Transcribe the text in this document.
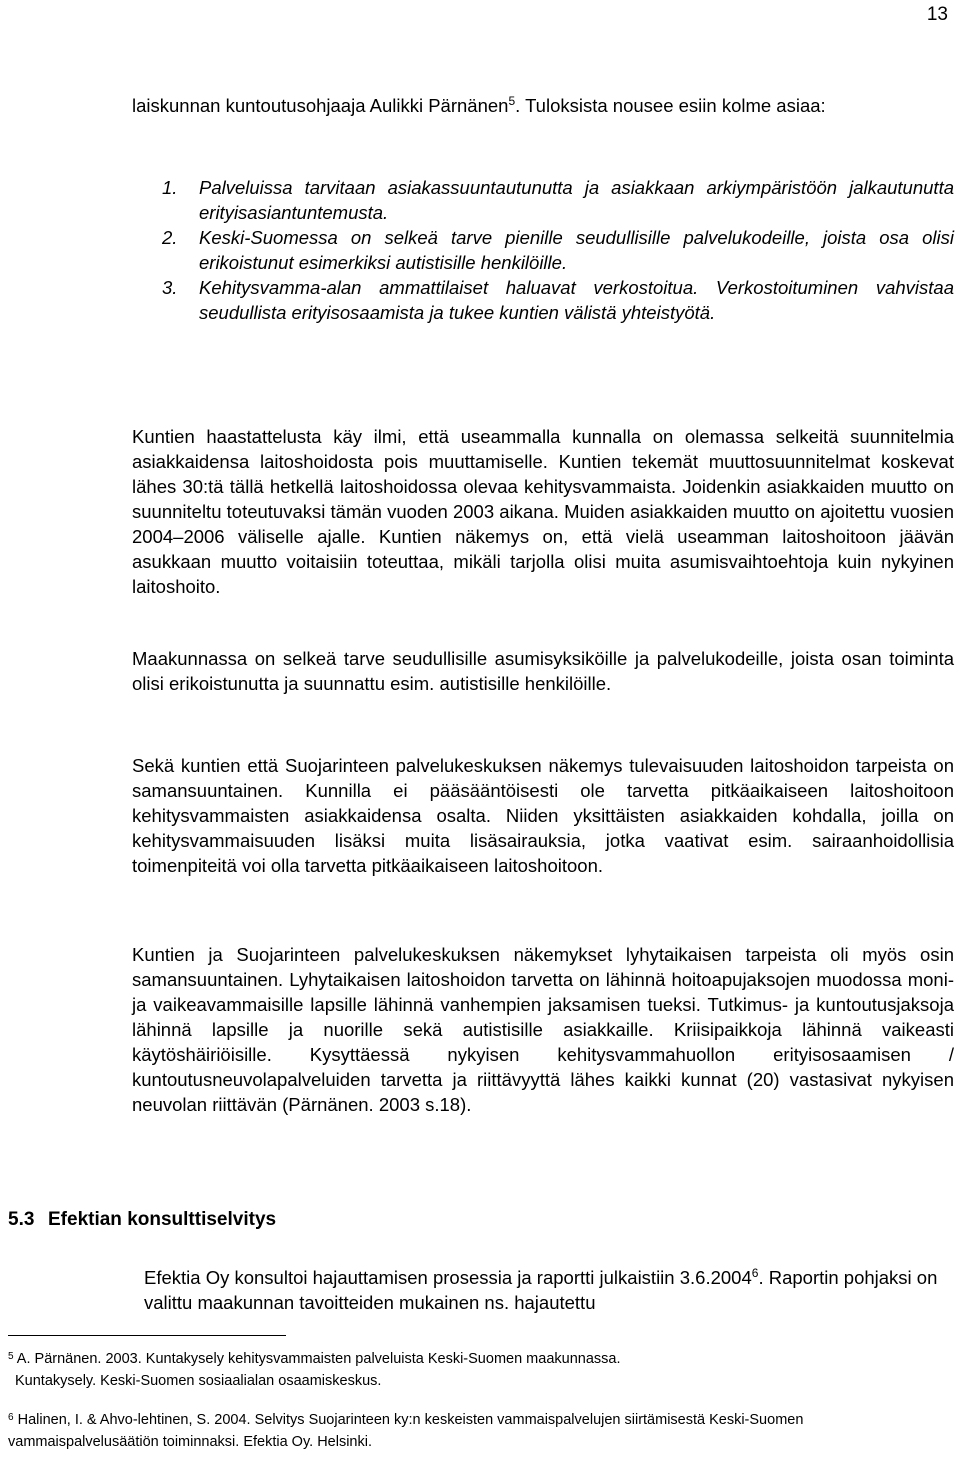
13

laiskunnan kuntoutusohjaaja Aulikki Pärnänen$^5$. Tuloksista nousee esiin kolme asiaa:

1. Palveluissa tarvitaan asiakassuuntautunutta ja asiakkaan arkiympäristöön jalkautunutta erityisasiantuntemusta.
2. Keski-Suomessa on selkeä tarve pienille seudullisille palvelukodeille, joista osa olisi erikoistunut esimerkiksi autistisille henkilöille.
3. Kehitysvamma-alan ammattilaiset haluavat verkostoitua. Verkostoituminen vahvistaa seudullista erityisosaamista ja tukee kuntien välistä yhteistyötä.

Kuntien haastattelusta käy ilmi, että useammalla kunnalla on olemassa selkeitä suunnitelmia asiakkaidensa laitoshoidosta pois muuttamiselle. Kuntien tekemät muuttosuunnitelmat koskevat lähes 30:tä tällä hetkellä laitoshoidossa olevaa kehitysvammaista. Joidenkin asiakkaiden muutto on suunniteltu toteutuvaksi tämän vuoden 2003 aikana. Muiden asiakkaiden muutto on ajoitettu vuosien 2004–2006 väliselle ajalle. Kuntien näkemys on, että vielä useamman laitoshoitoon jäävän asukkaan muutto voitaisiin toteuttaa, mikäli tarjolla olisi muita asumisvaihtoehtoja kuin nykyinen laitoshoito.

Maakunnassa on selkeä tarve seudullisille asumisyksiköille ja palvelukodeille, joista osan toiminta olisi erikoistunutta ja suunnattu esim. autistisille henkilöille.

Sekä kuntien että Suojarinteen palvelukeskuksen näkemys tulevaisuuden laitoshoidon tarpeista on samansuuntainen. Kunnilla ei pääsääntöisesti ole tarvetta pitkäaikaiseen laitoshoitoon kehitysvammaisten asiakkaidensa osalta. Niiden yksittäisten asiakkaiden kohdalla, joilla on kehitysvammaisuuden lisäksi muita lisäsairauksia, jotka vaativat esim. sairaanhoidollisia toimenpiteitä voi olla tarvetta pitkäaikaiseen laitoshoitoon.

Kuntien ja Suojarinteen palvelukeskuksen näkemykset lyhytaikaisen tarpeista oli myös osin samansuuntainen. Lyhytaikaisen laitoshoidon tarvetta on lähinnä hoitoapujaksojen muodossa moni- ja vaikeavammaisille lapsille lähinnä vanhempien jaksamisen tueksi. Tutkimus- ja kuntoutusjaksoja lähinnä lapsille ja nuorille sekä autistisille asiakkaille. Kriisipaikkoja lähinnä vaikeasti käytöshäiriöisille. Kysyttäessä nykyisen kehitysvammahuollon erityisosaamisen / kuntoutusneuvolapalveluiden tarvetta ja riittävyyttä lähes kaikki kunnat (20) vastasivat nykyisen neuvolan riittävän (Pärnänen. 2003 s.18).

5.3 Efektian konsulttiselvitys

Efektia Oy konsultoi hajauttamisen prosessia ja raportti julkaistiin 3.6.2004$^6$. Raportin pohjaksi on valittu maakunnan tavoitteiden mukainen ns. hajautettu

$^5$ A. Pärnänen. 2003. Kuntakysely kehitysvammaisten palveluista Keski-Suomen maakunnassa.

Kuntakysely. Keski-Suomen sosiaalialan osaamiskeskus.

$^6$ Halinen, I. & Ahvo-lehtinen, S. 2004. Selvitys Suojarinteen ky:n keskeisten vammaispalvelujen siirtämisestä Keski-Suomen vammaispalvelusäätiön toiminnaksi. Efektia Oy. Helsinki.
